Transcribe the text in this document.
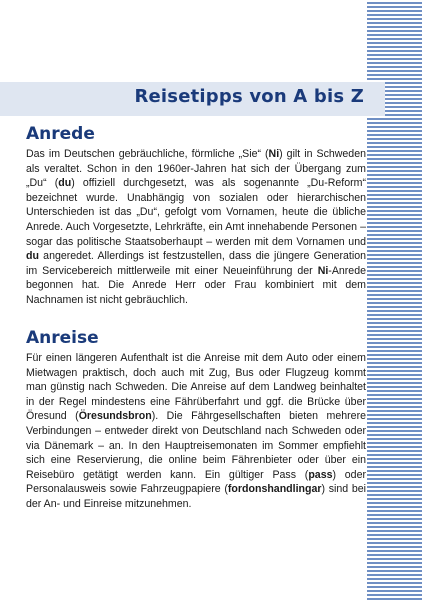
Reisetipps von A bis Z
Anrede

Das im Deutschen gebräuchliche, förmliche „Sie“ (Ni) gilt in Schweden als veraltet. Schon in den 1960er-Jahren hat sich der Übergang zum „Du“ (du) offiziell durchgesetzt, was als sogenannte „Du-Reform“ bezeichnet wurde. Unabhängig von sozialen oder hierarchischen Unterschieden ist das „Du“, gefolgt vom Vornamen, heute die übliche Anrede. Auch Vorgesetzte, Lehrkräfte, ein Amt innehabende Personen – sogar das politische Staatsoberhaupt – werden mit dem Vornamen und du angeredet. Allerdings ist festzustellen, dass die jüngere Generation im Servicebereich mittlerweile mit einer Neueinführung der Ni-Anrede begonnen hat. Die Anrede Herr oder Frau kombiniert mit dem Nachnamen ist nicht gebräuchlich.

Anreise

Für einen längeren Aufenthalt ist die Anreise mit dem Auto oder einem Mietwagen praktisch, doch auch mit Zug, Bus oder Flugzeug kommt man günstig nach Schweden. Die Anreise auf dem Landweg beinhaltet in der Regel mindestens eine Fährüberfahrt und ggf. die Brücke über Öresund (Öresundsbron). Die Fährgesellschaften bieten mehrere Verbindungen – entweder direkt von Deutschland nach Schweden oder via Dänemark – an. In den Hauptreisemonaten im Sommer empfiehlt sich eine Reservierung, die online beim Fährenbieter oder über ein Reisebüro getätigt werden kann. Ein gültiger Pass (pass) oder Personalausweis sowie Fahrzeugpapiere (fordonshandlingar) sind bei der An- und Einreise mitzunehmen.
